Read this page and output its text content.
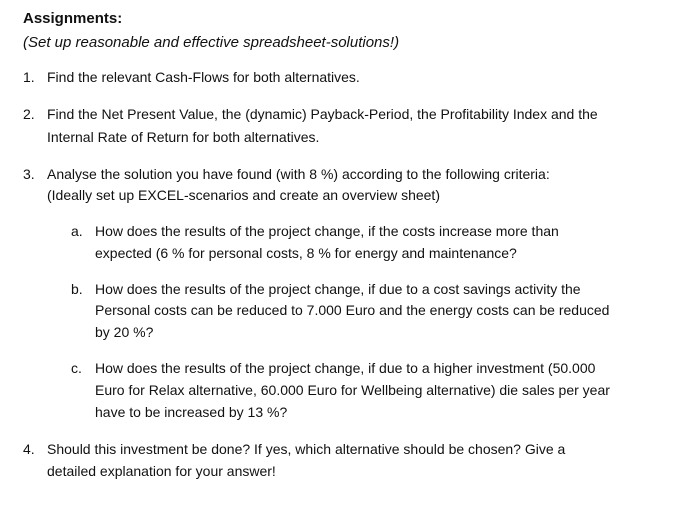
Assignments:

(Set up reasonable and effective spreadsheet-solutions!)

1. Find the relevant Cash-Flows for both alternatives.
2. Find the Net Present Value, the (dynamic) Payback-Period, the Profitability Index and the
Internal Rate of Return for both alternatives.
3. Analyse the solution you have found (with 8 %) according to the following criteria:
(Ideally set up EXCEL-scenarios and create an overview sheet)
a. How does the results of the project change, if the costs increase more than
expected (6 % for personal costs, 8 % for energy and maintenance?
b. How does the results of the project change, if due to a cost savings activity the
Personal costs can be reduced to 7.000 Euro and the energy costs can be reduced
by 20 %?
c. How does the results of the project change, if due to a higher investment (50.000
Euro for Relax alternative, 60.000 Euro for Wellbeing alternative) die sales per year
have to be increased by 13 %?
4. Should this investment be done? If yes, which alternative should be chosen? Give a
detailed explanation for your answer!
